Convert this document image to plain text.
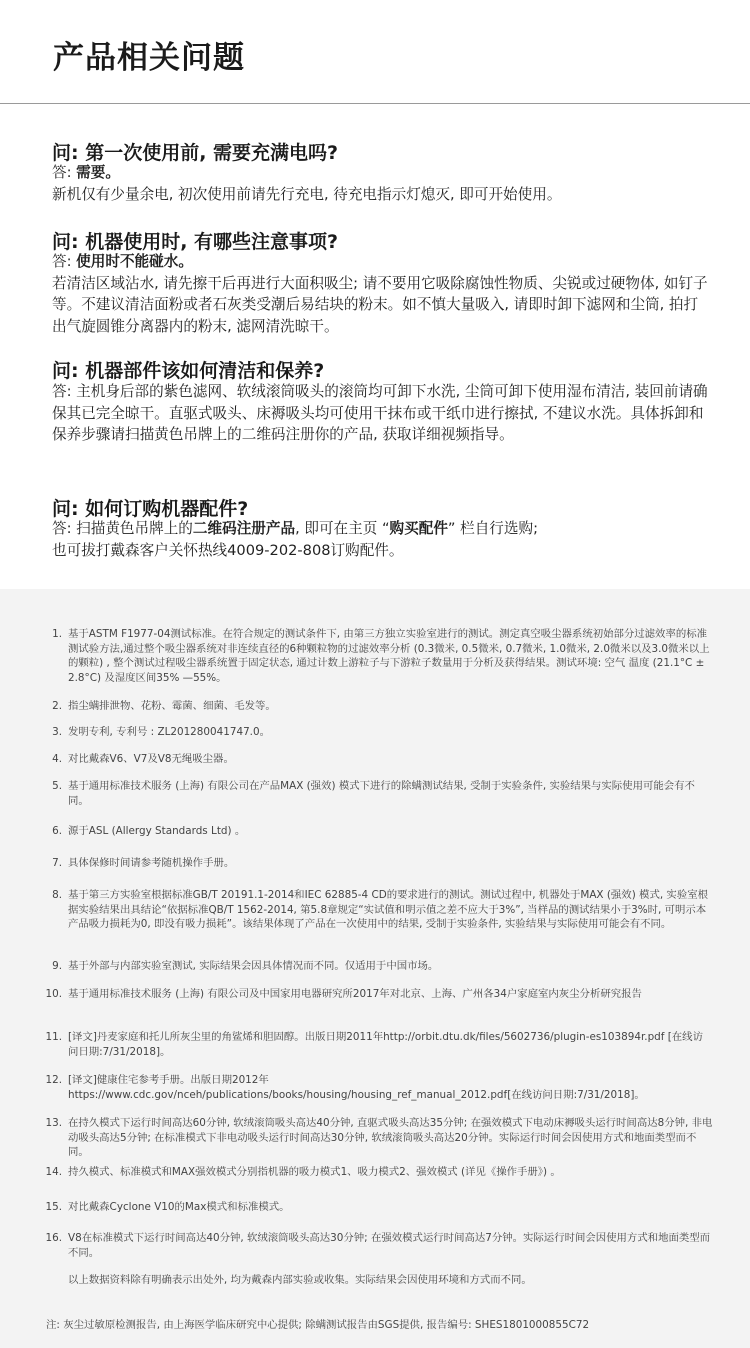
产品相关问题

问: 第一次使用前, 需要充满电吗?

答: 需要。
新机仅有少量余电, 初次使用前请先行充电, 待充电指示灯熄灭, 即可开始使用。

问: 机器使用时, 有哪些注意事项?

答: 使用时不能碰水。
若清洁区域沾水, 请先擦干后再进行大面积吸尘; 请不要用它吸除腐蚀性物质、尖锐或过硬物体, 如钉子等。不建议清洁面粉或者石灰类受潮后易结块的粉末。如不慎大量吸入, 请即时卸下滤网和尘筒, 拍打出气旋圆锥分离器内的粉末, 滤网清洗晾干。

问: 机器部件该如何清洁和保养?

答: 主机身后部的紫色滤网、软绒滚筒吸头的滚筒均可卸下水洗, 尘筒可卸下使用湿布清洁, 装回前请确保其已完全晾干。直驱式吸头、床褥吸头均可使用干抹布或干纸巾进行擦拭, 不建议水洗。具体拆卸和保养步骤请扫描黄色吊牌上的二维码注册你的产品, 获取详细视频指导。

问: 如何订购机器配件?

答: 扫描黄色吊牌上的二维码注册产品, 即可在主页 “购买配件” 栏自行选购;
也可拔打戴森客户关怀热线4009-202-808订购配件。

1. 基于ASTM F1977-04测试标准。在符合规定的测试条件下, 由第三方独立实验室进行的测试。测定真空吸尘器系统初始部分过滤效率的标准测试验方法,通过整个吸尘器系统对非连续直径的6种颗粒物的过滤效率分析 (0.3微米, 0.5微米, 0.7微米, 1.0微米, 2.0微米以及3.0微米以上的颗粒) , 整个测试过程吸尘器系统置于固定状态, 通过计数上游粒子与下游粒子数量用于分析及获得结果。测试环境: 空气 温度 (21.1°C ± 2.8°C) 及湿度区间35% —55%。
2. 指尘螨排泄物、花粉、霉菌、细菌、毛发等。
3. 发明专利, 专利号 : ZL201280041747.0。
4. 对比戴森V6、V7及V8无绳吸尘器。
5. 基于通用标准技术服务 (上海) 有限公司在产品MAX (强效) 模式下进行的除螨测试结果, 受制于实验条件, 实验结果与实际使用可能会有不同。
6. 源于ASL (Allergy Standards Ltd) 。
7. 具体保修时间请参考随机操作手册。
8. 基于第三方实验室根据标准GB/T 20191.1-2014和IEC 62885-4 CD的要求进行的测试。测试过程中, 机器处于MAX (强效) 模式, 实验室根据实验结果出具结论“依据标准QB/T 1562-2014, 第5.8章规定“实试值和明示值之差不应大于3%”, 当样品的测试结果小于3%时, 可明示本产品吸力损耗为0, 即没有吸力损耗”。该结果体现了产品在一次使用中的结果, 受制于实验条件, 实验结果与实际使用可能会有不同。
9. 基于外部与内部实验室测试, 实际结果会因具体情况而不同。仅适用于中国市场。
10. 基于通用标准技术服务 (上海) 有限公司及中国家用电器研究所2017年对北京、上海、广州各34户家庭室内灰尘分析研究报告
11. [译文]丹麦家庭和托儿所灰尘里的角鲨烯和胆固醇。出版日期2011年http://orbit.dtu.dk/files/5602736/plugin-es103894r.pdf [在线访问日期:7/31/2018]。
12. [译文]健康住宅参考手册。出版日期2012年https://www.cdc.gov/nceh/publications/books/housing/housing_ref_manual_2012.pdf[在线访问日期:7/31/2018]。
13. 在持久模式下运行时间高达60分钟, 软绒滚筒吸头高达40分钟, 直驱式吸头高达35分钟; 在强效模式下电动床褥吸头运行时间高达8分钟, 非电动吸头高达5分钟; 在标准模式下非电动吸头运行时间高达30分钟, 软绒滚筒吸头高达20分钟。实际运行时间会因使用方式和地面类型而不同。
14. 持久模式、标准模式和MAX强效模式分别指机器的吸力模式1、吸力模式2、强效模式 (详见《操作手册》) 。
15. 对比戴森Cyclone V10的Max模式和标准模式。
16. V8在标准模式下运行时间高达40分钟, 软绒滚筒吸头高达30分钟; 在强效模式运行时间高达7分钟。实际运行时间会因使用方式和地面类型而不同。
以上数据资料除有明确表示出处外, 均为戴森内部实验或收集。实际结果会因使用环境和方式而不同。
注: 灰尘过敏原检测报告, 由上海医学临床研究中心提供; 除螨测试报告由SGS提供, 报告编号: SHES1801000855C72
